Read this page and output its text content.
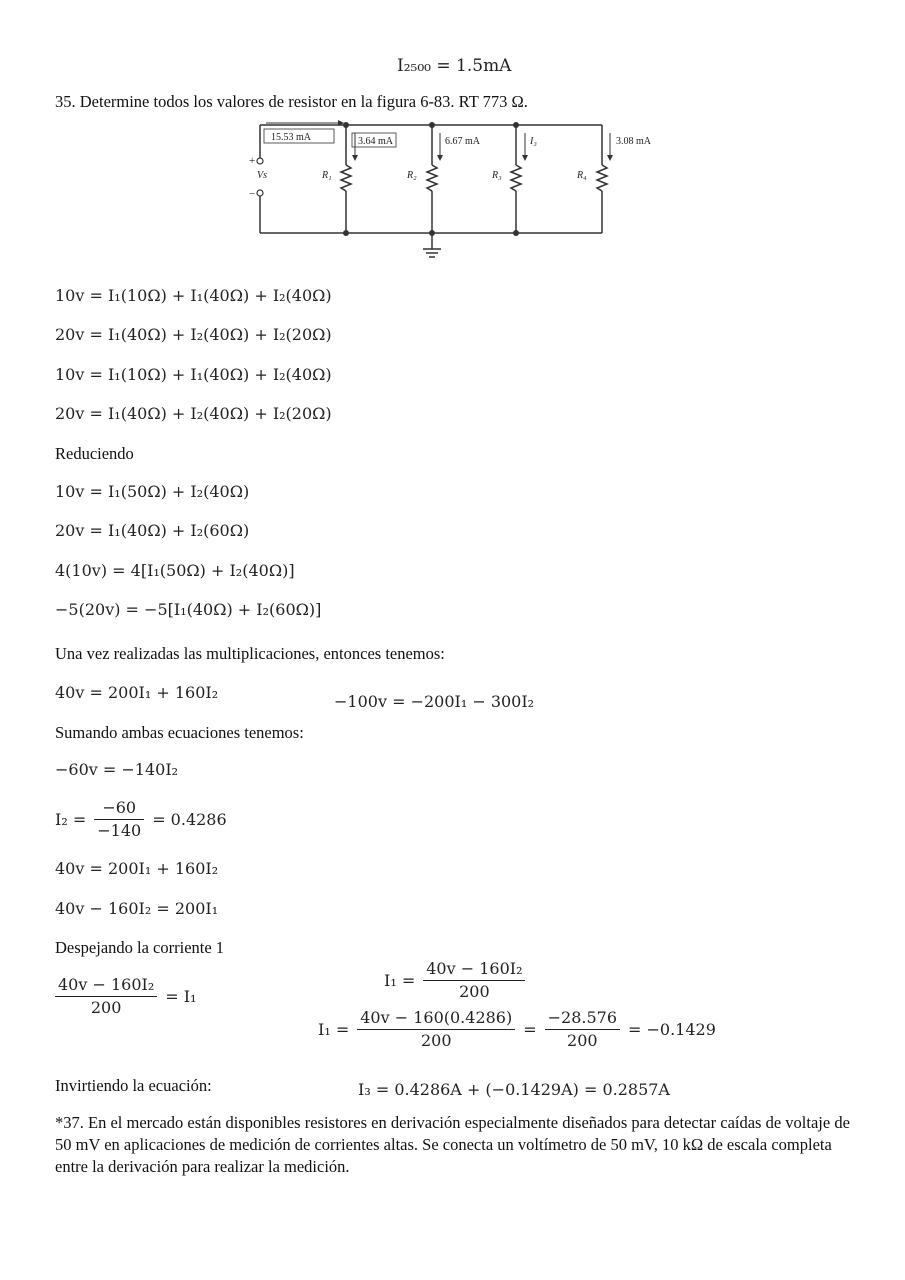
I₂₅₀₀ = 1.5mA
35. Determine todos los valores de resistor en la figura 6-83. RT 773 Ω.
15.53 mA	3.64 mA	6.67 mA	I₃	3.08 mA
+
−
Vs	R₁	R₂	R₃	R₄
10v = I₁(10Ω) + I₁(40Ω) + I₂(40Ω)
20v = I₁(40Ω) + I₂(40Ω) + I₂(20Ω)
10v = I₁(10Ω) + I₁(40Ω) + I₂(40Ω)
20v = I₁(40Ω) + I₂(40Ω) + I₂(20Ω)
Reduciendo
10v = I₁(50Ω) + I₂(40Ω)
20v = I₁(40Ω) + I₂(60Ω)
4(10v) = 4[I₁(50Ω) + I₂(40Ω)]
−5(20v) = −5[I₁(40Ω) + I₂(60Ω)]
Una vez realizadas las multiplicaciones, entonces tenemos:
40v = 200I₁ + 160I₂	−100v = −200I₁ − 300I₂
Sumando ambas ecuaciones tenemos:
−60v = −140I₂
$I_2 = \frac{-60}{-140} = 0.4286$
40v = 200I₁ + 160I₂
40v − 160I₂ = 200I₁
Despejando la corriente 1
$\frac{\text{40v − 160I₂}}{200} = I_1$
$I_1 = \frac{\text{40v − 160I₂}}{200}$
$I_1 = \frac{40v - 160(0.4286)}{200} = \frac{-28.576}{200} = -0.1429$
Invirtiendo la ecuación:	I₃ = 0.4286A + (−0.1429A) = 0.2857A
*37. En el mercado están disponibles resistores en derivación especialmente diseñados para detectar caídas de voltaje de 50 mV en aplicaciones de medición de corrientes altas. Se conecta un voltímetro de 50 mV, 10 kΩ de escala completa entre la derivación para realizar la medición.
